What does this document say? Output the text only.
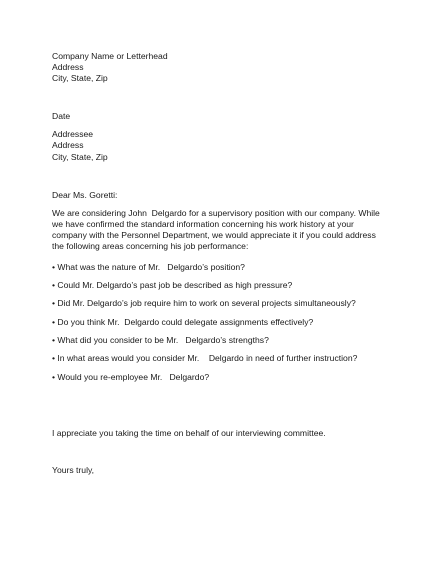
Company Name or Letterhead
Address
City, State, Zip
Date
Addressee
Address
City, State, Zip
Dear Ms. Goretti:
We are considering John  Delgardo for a supervisory position with our company. While
we have confirmed the standard information concerning his work history at your
company with the Personnel Department, we would appreciate it if you could address
the following areas concerning his job performance:
• What was the nature of Mr.   Delgardo’s position?
• Could Mr. Delgardo’s past job be described as high pressure?
• Did Mr. Delgardo’s job require him to work on several projects simultaneously?
• Do you think Mr.  Delgardo could delegate assignments effectively?
• What did you consider to be Mr.   Delgardo’s strengths?
• In what areas would you consider Mr.    Delgardo in need of further instruction?
• Would you re-employee Mr.   Delgardo?
I appreciate you taking the time on behalf of our interviewing committee.
Yours truly,
